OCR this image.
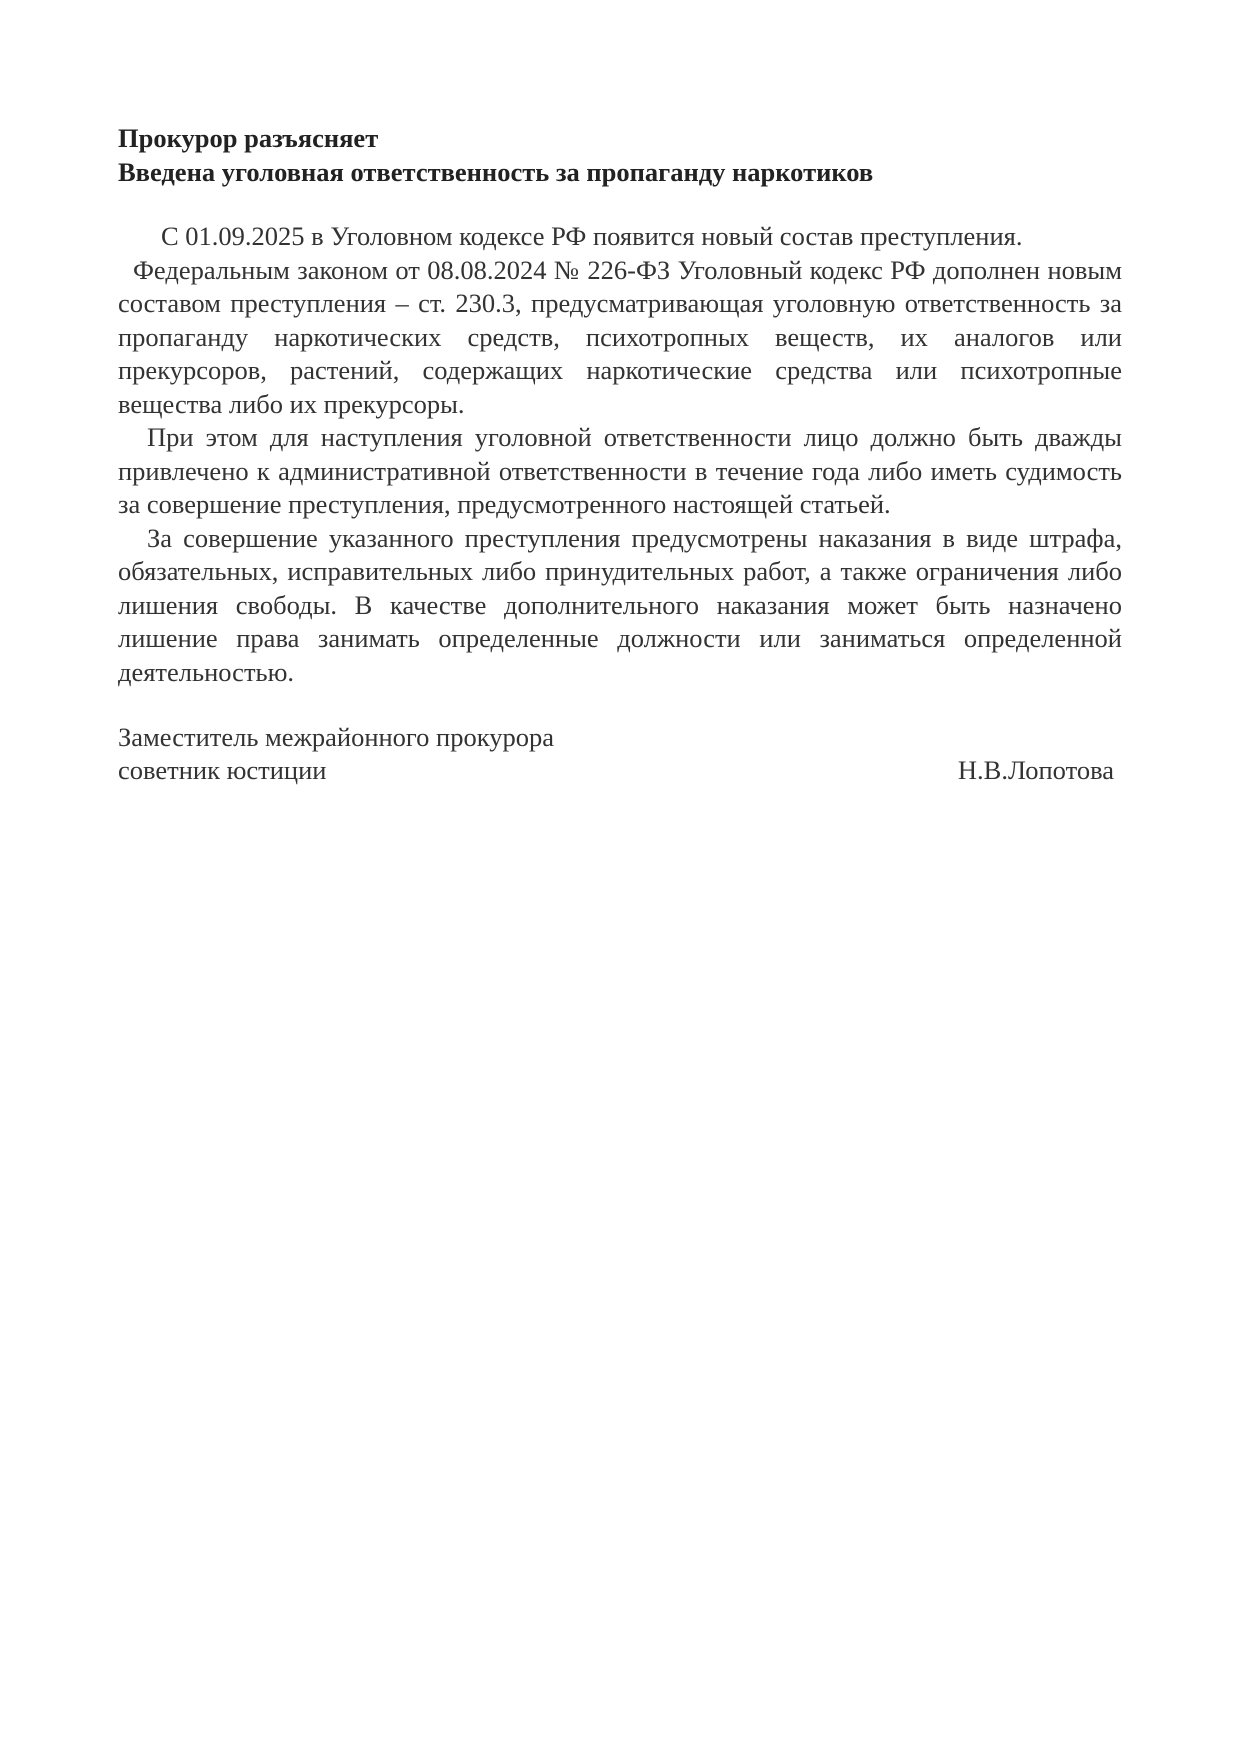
Прокурор разъясняет

Введена уголовная ответственность за пропаганду наркотиков

С 01.09.2025 в Уголовном кодексе РФ появится новый состав преступления.

Федеральным законом от 08.08.2024 № 226-ФЗ Уголовный кодекс РФ дополнен новым составом преступления – ст. 230.3, предусматривающая уголовную ответственность за пропаганду наркотических средств, психотропных веществ, их аналогов или прекурсоров, растений, содержащих наркотические средства или психотропные вещества либо их прекурсоры.

При этом для наступления уголовной ответственности лицо должно быть дважды привлечено к административной ответственности в течение года либо иметь судимость за совершение преступления, предусмотренного настоящей статьей.

За совершение указанного преступления предусмотрены наказания в виде штрафа, обязательных, исправительных либо принудительных работ, а также ограничения либо лишения свободы. В качестве дополнительного наказания может быть назначено лишение права занимать определенные должности или заниматься определенной деятельностью.

Заместитель межрайонного прокурора
советник юстиции	Н.В.Лопотова
